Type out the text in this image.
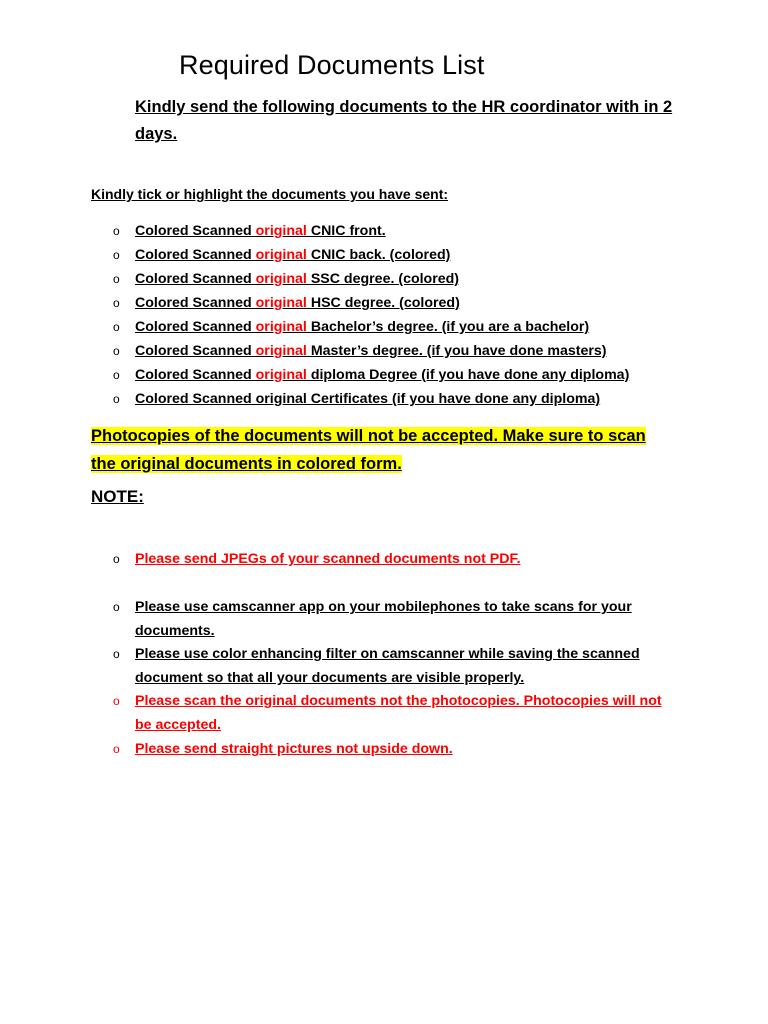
Required Documents List

Kindly send the following documents to the HR coordinator with in 2 days.

Kindly tick or highlight the documents you have sent:

o Colored Scanned original CNIC front.
o Colored Scanned original CNIC back. (colored)
o Colored Scanned original SSC degree. (colored)
o Colored Scanned original HSC degree. (colored)
o Colored Scanned original Bachelor’s degree. (if you are a bachelor)
o Colored Scanned original Master’s degree. (if you have done masters)
o Colored Scanned original diploma Degree (if you have done any diploma)
o Colored Scanned original Certificates (if you have done any diploma)

Photocopies of the documents will not be accepted. Make sure to scan the original documents in colored form.

NOTE:

o Please send JPEGs of your scanned documents not PDF.
o Please use camscanner app on your mobilephones to take scans for your documents.
o Please use color enhancing filter on camscanner while saving the scanned document so that all your documents are visible properly.
o Please scan the original documents not the photocopies. Photocopies will not be accepted.
o Please send straight pictures not upside down.
